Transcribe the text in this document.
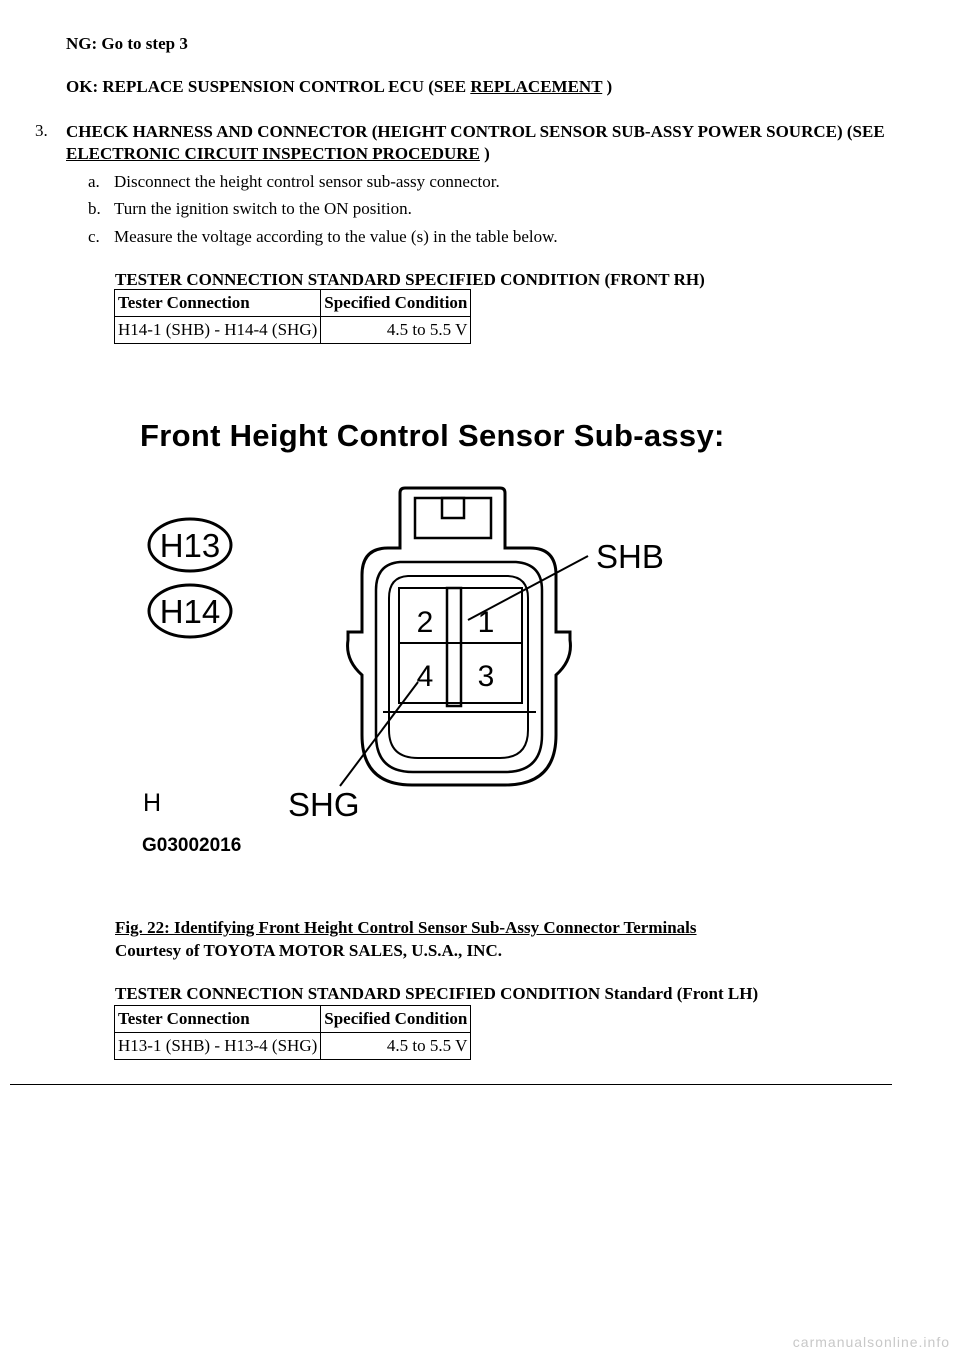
NG: Go to step 3
OK: REPLACE SUSPENSION CONTROL ECU (SEE REPLACEMENT )
3. CHECK HARNESS AND CONNECTOR (HEIGHT CONTROL SENSOR SUB-ASSY POWER SOURCE) (SEE ELECTRONIC CIRCUIT INSPECTION PROCEDURE )
a. Disconnect the height control sensor sub-assy connector.
b. Turn the ignition switch to the ON position.
c. Measure the voltage according to the value (s) in the table below.
TESTER CONNECTION STANDARD SPECIFIED CONDITION (FRONT RH)
Tester Connection	Specified Condition
H14-1 (SHB) - H14-4 (SHG)	4.5 to 5.5 V
Front Height Control Sensor Sub-assy:
H13
H14	2 1
4 3
SHB
SHG
H
G03002016
Fig. 22: Identifying Front Height Control Sensor Sub-Assy Connector Terminals
Courtesy of TOYOTA MOTOR SALES, U.S.A., INC.
TESTER CONNECTION STANDARD SPECIFIED CONDITION Standard (Front LH)
Tester Connection	Specified Condition
H13-1 (SHB) - H13-4 (SHG)	4.5 to 5.5 V
carmanualsonline.info
